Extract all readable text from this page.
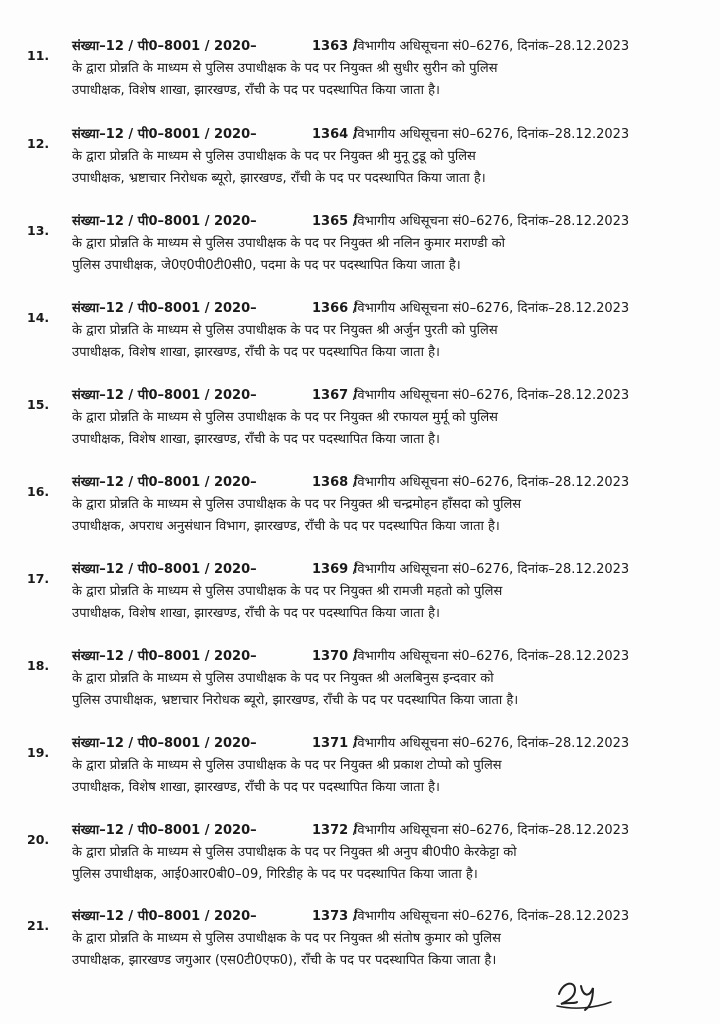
11.
संख्या–12 / पी0–8001 / 2020–	1363 /विभागीय अधिसूचना सं0–6276, दिनांक–28.12.2023
के द्वारा प्रोन्नति के माध्यम से पुलिस उपाधीक्षक के पद पर नियुक्त श्री सुधीर सुरीन को पुलिस
उपाधीक्षक, विशेष शाखा, झारखण्ड, राँची के पद पर पदस्थापित किया जाता है।
12.
संख्या–12 / पी0–8001 / 2020–	1364 /विभागीय अधिसूचना सं0–6276, दिनांक–28.12.2023
के द्वारा प्रोन्नति के माध्यम से पुलिस उपाधीक्षक के पद पर नियुक्त श्री मुनू टुडू को पुलिस
उपाधीक्षक, भ्रष्टाचार निरोधक ब्यूरो, झारखण्ड, राँची के पद पर पदस्थापित किया जाता है।
13.
संख्या–12 / पी0–8001 / 2020–	1365 /विभागीय अधिसूचना सं0–6276, दिनांक–28.12.2023
के द्वारा प्रोन्नति के माध्यम से पुलिस उपाधीक्षक के पद पर नियुक्त श्री नलिन कुमार मराण्डी को
पुलिस उपाधीक्षक, जे0ए0पी0टी0सी0, पदमा के पद पर पदस्थापित किया जाता है।
14.
संख्या–12 / पी0–8001 / 2020–	1366 /विभागीय अधिसूचना सं0–6276, दिनांक–28.12.2023
के द्वारा प्रोन्नति के माध्यम से पुलिस उपाधीक्षक के पद पर नियुक्त श्री अर्जुन पुरती को पुलिस
उपाधीक्षक, विशेष शाखा, झारखण्ड, राँची के पद पर पदस्थापित किया जाता है।
15.
संख्या–12 / पी0–8001 / 2020–	1367 /विभागीय अधिसूचना सं0–6276, दिनांक–28.12.2023
के द्वारा प्रोन्नति के माध्यम से पुलिस उपाधीक्षक के पद पर नियुक्त श्री रफायल मुर्मू को पुलिस
उपाधीक्षक, विशेष शाखा, झारखण्ड, राँची के पद पर पदस्थापित किया जाता है।
16.
संख्या–12 / पी0–8001 / 2020–	1368 /विभागीय अधिसूचना सं0–6276, दिनांक–28.12.2023
के द्वारा प्रोन्नति के माध्यम से पुलिस उपाधीक्षक के पद पर नियुक्त श्री चन्द्रमोहन हाँसदा को पुलिस
उपाधीक्षक, अपराध अनुसंधान विभाग, झारखण्ड, राँची के पद पर पदस्थापित किया जाता है।
17.
संख्या–12 / पी0–8001 / 2020–	1369 /विभागीय अधिसूचना सं0–6276, दिनांक–28.12.2023
के द्वारा प्रोन्नति के माध्यम से पुलिस उपाधीक्षक के पद पर नियुक्त श्री रामजी महतो को पुलिस
उपाधीक्षक, विशेष शाखा, झारखण्ड, राँची के पद पर पदस्थापित किया जाता है।
18.
संख्या–12 / पी0–8001 / 2020–	1370 /विभागीय अधिसूचना सं0–6276, दिनांक–28.12.2023
के द्वारा प्रोन्नति के माध्यम से पुलिस उपाधीक्षक के पद पर नियुक्त श्री अलबिनुस इन्दवार को
पुलिस उपाधीक्षक, भ्रष्टाचार निरोधक ब्यूरो, झारखण्ड, राँची के पद पर पदस्थापित किया जाता है।
19.
संख्या–12 / पी0–8001 / 2020–	1371 /विभागीय अधिसूचना सं0–6276, दिनांक–28.12.2023
के द्वारा प्रोन्नति के माध्यम से पुलिस उपाधीक्षक के पद पर नियुक्त श्री प्रकाश टोप्पो को पुलिस
उपाधीक्षक, विशेष शाखा, झारखण्ड, राँची के पद पर पदस्थापित किया जाता है।
20.
संख्या–12 / पी0–8001 / 2020–	1372 /विभागीय अधिसूचना सं0–6276, दिनांक–28.12.2023
के द्वारा प्रोन्नति के माध्यम से पुलिस उपाधीक्षक के पद पर नियुक्त श्री अनुप बी0पी0 केरकेट्टा को
पुलिस उपाधीक्षक, आई0आर0बी0–09, गिरिडीह के पद पर पदस्थापित किया जाता है।
21.
संख्या–12 / पी0–8001 / 2020–	1373 /विभागीय अधिसूचना सं0–6276, दिनांक–28.12.2023
के द्वारा प्रोन्नति के माध्यम से पुलिस उपाधीक्षक के पद पर नियुक्त श्री संतोष कुमार को पुलिस
उपाधीक्षक, झारखण्ड जगुआर (एस0टी0एफ0), राँची के पद पर पदस्थापित किया जाता है।
